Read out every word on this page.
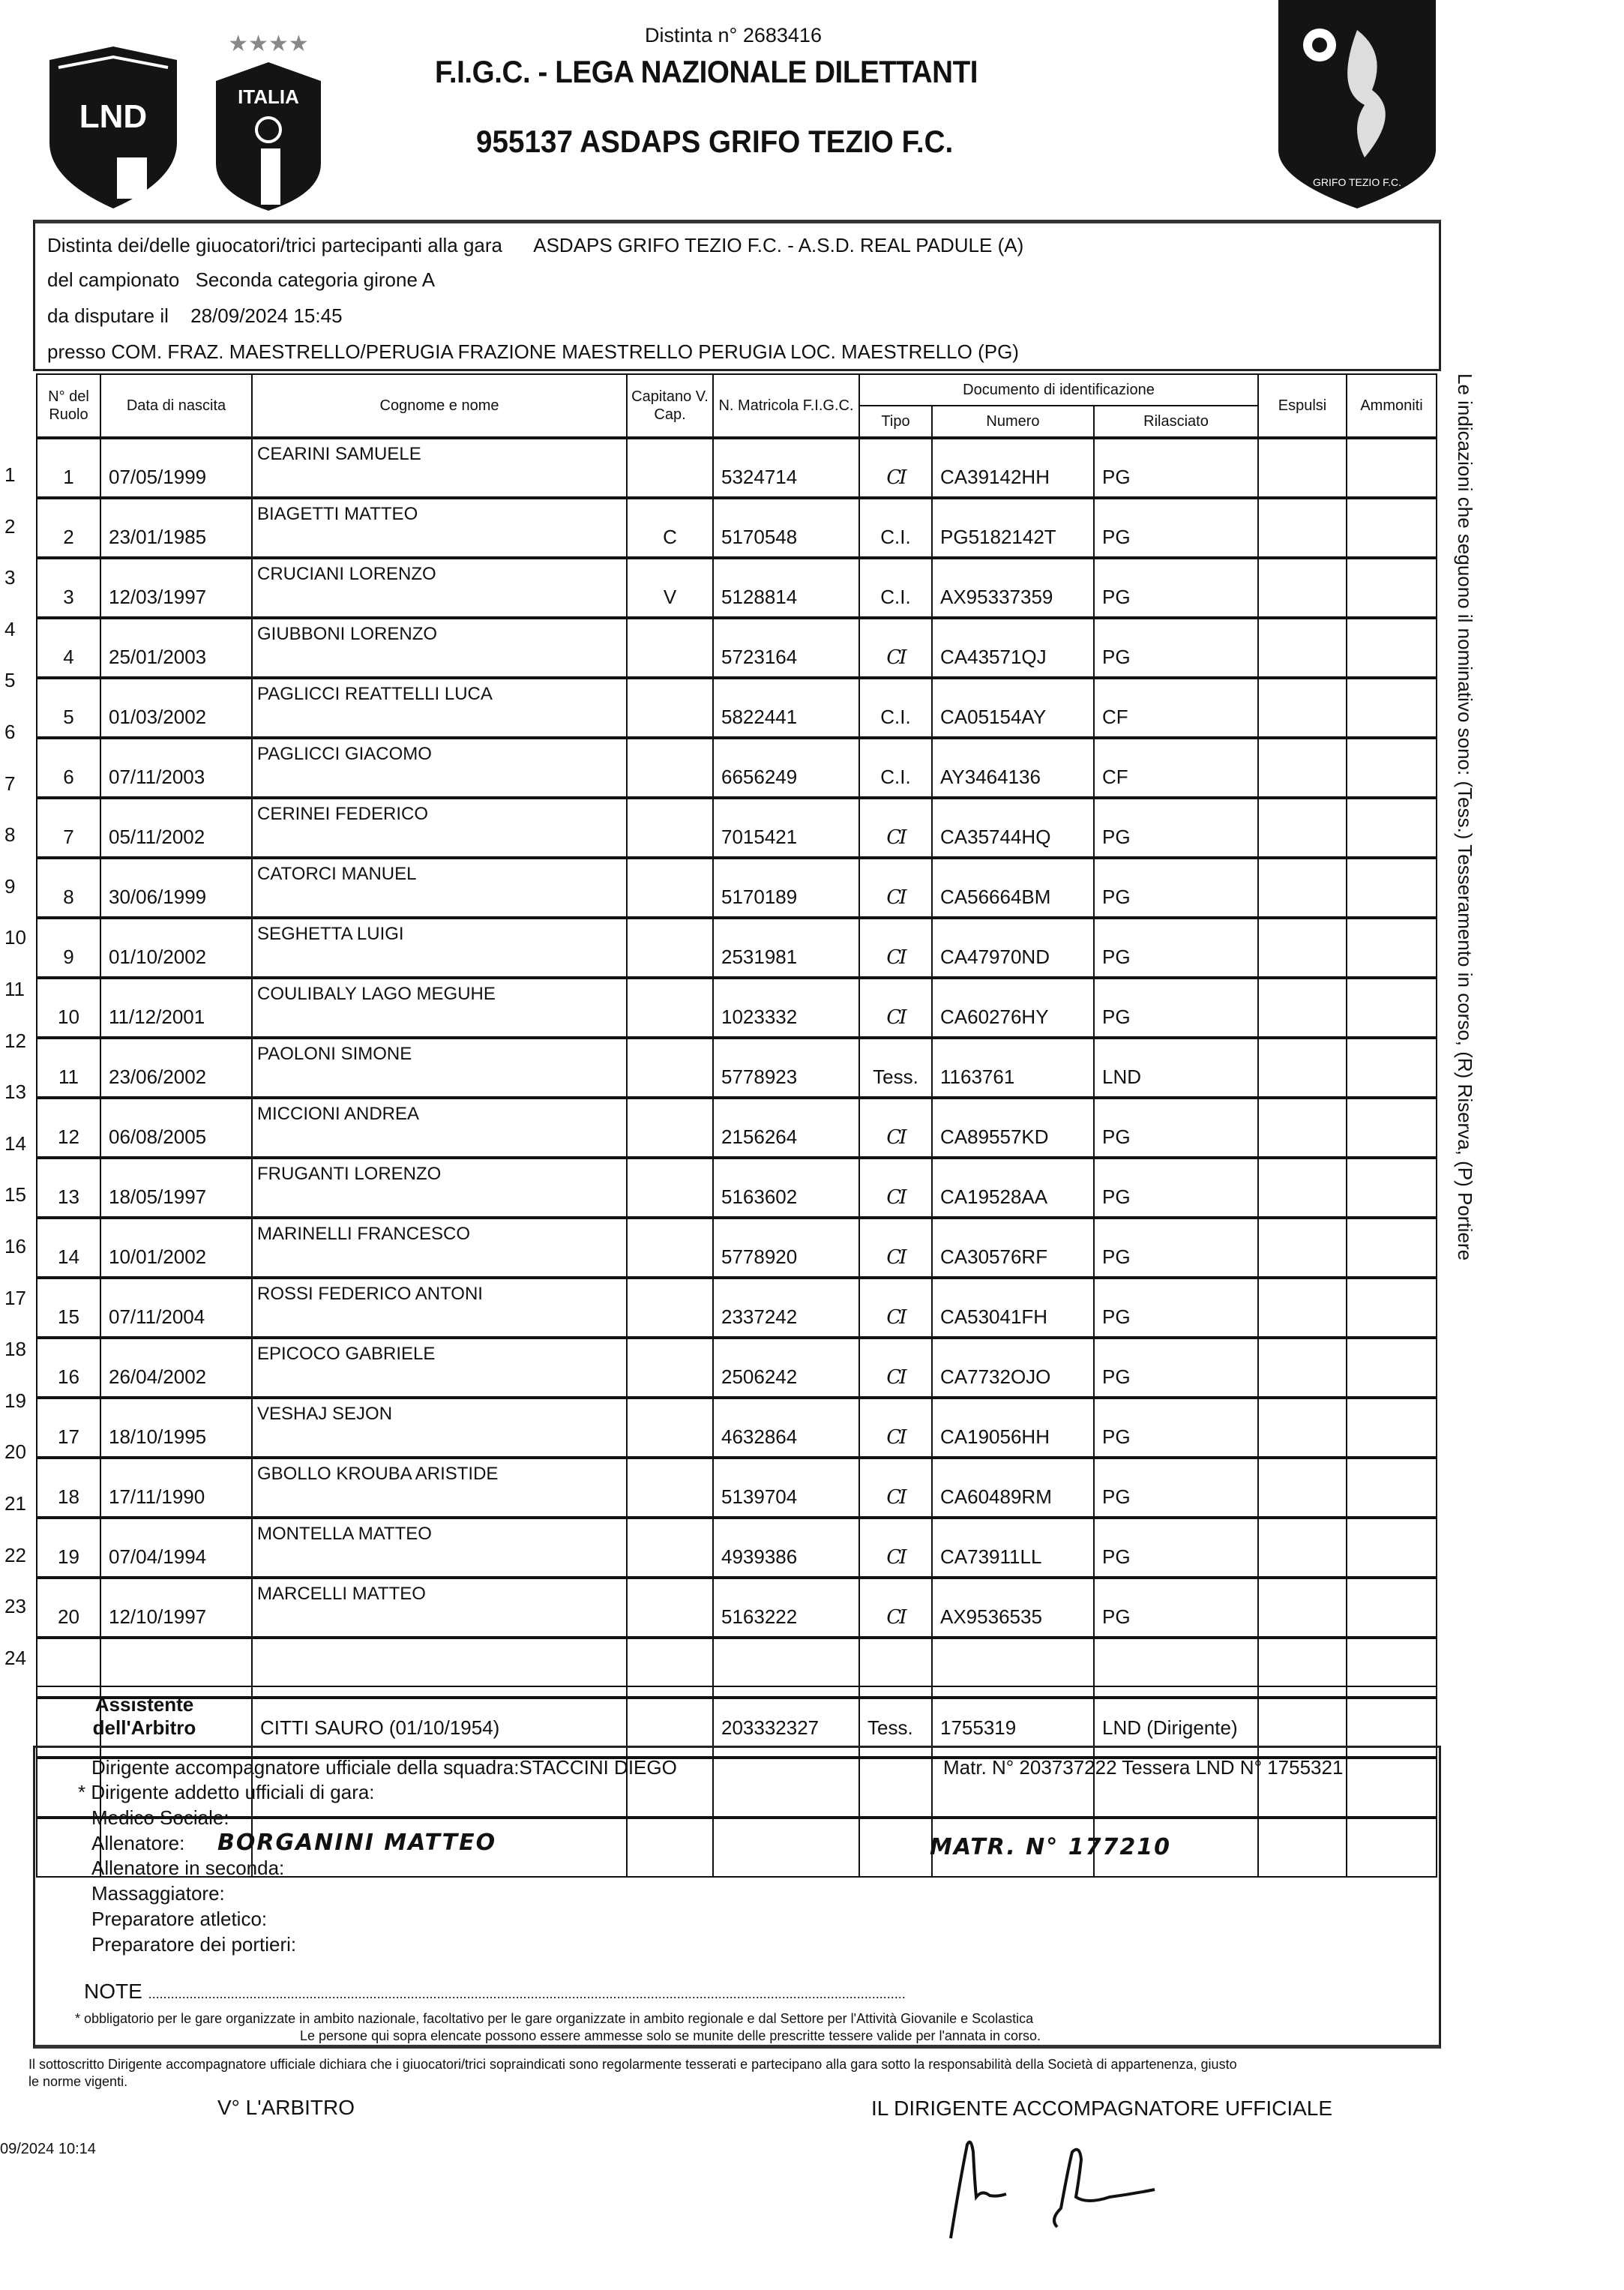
Distinta n° 2683416
F.I.G.C. - LEGA NAZIONALE DILETTANTI
955137 ASDAPS GRIFO TEZIO F.C.
LND
★★★★
ITALIA
GRIFO TEZIO F.C.
Distinta dei/delle giuocatori/trici partecipanti alla gara ASDAPS GRIFO TEZIO F.C. - A.S.D. REAL PADULE (A)
del campionato Seconda categoria girone A
da disputare il 28/09/2024 15:45
presso COM. FRAZ. MAESTRELLO/PERUGIA FRAZIONE MAESTRELLO PERUGIA LOC. MAESTRELLO (PG)
1
2
3
4
5
6
7
8
9
10
11
12
13
14
15
16
17
18
19
20
21
22
23
24
N° del Ruolo	Data di nascita	Cognome e nome	Capitano V. Cap.	N. Matricola F.I.G.C.	Documento di identificazione			Espulsi	Ammoniti
					Tipo	Numero	Rilasciato		
1	07/05/1999	CEARINI SAMUELE		5324714	CI	CA39142HH	PG		
2	23/01/1985	BIAGETTI MATTEO	C	5170548	C.I.	PG5182142T	PG		
3	12/03/1997	CRUCIANI LORENZO	V	5128814	C.I.	AX95337359	PG		
4	25/01/2003	GIUBBONI LORENZO		5723164	CI	CA43571QJ	PG		
5	01/03/2002	PAGLICCI REATTELLI LUCA		5822441	C.I.	CA05154AY	CF		
6	07/11/2003	PAGLICCI GIACOMO		6656249	C.I.	AY3464136	CF		
7	05/11/2002	CERINEI FEDERICO		7015421	CI	CA35744HQ	PG		
8	30/06/1999	CATORCI MANUEL		5170189	CI	CA56664BM	PG		
9	01/10/2002	SEGHETTA LUIGI		2531981	CI	CA47970ND	PG		
10	11/12/2001	COULIBALY LAGO MEGUHE		1023332	CI	CA60276HY	PG		
11	23/06/2002	PAOLONI SIMONE		5778923	Tess.	1163761	LND		
12	06/08/2005	MICCIONI ANDREA		2156264	CI	CA89557KD	PG		
13	18/05/1997	FRUGANTI LORENZO		5163602	CI	CA19528AA	PG		
14	10/01/2002	MARINELLI FRANCESCO		5778920	CI	CA30576RF	PG		
15	07/11/2004	ROSSI FEDERICO ANTONI		2337242	CI	CA53041FH	PG		
16	26/04/2002	EPICOCO GABRIELE		2506242	CI	CA7732OJO	PG		
17	18/10/1995	VESHAJ SEJON		4632864	CI	CA19056HH	PG		
18	17/11/1990	GBOLLO KROUBA ARISTIDE		5139704	CI	CA60489RM	PG		
19	07/04/1994	MONTELLA MATTEO		4939386	CI	CA73911LL	PG		
20	12/10/1997	MARCELLI MATTEO		5163222	CI	AX9536535	PG		

Le indicazioni che seguono il nominativo sono: (Tess.) Tesseramento in corso, (R) Riserva, (P) Portiere
Assistente
dell'Arbitro	CITTI SAURO (01/10/1954)	203332327	Tess.	1755319	LND (Dirigente)
Dirigente accompagnatore ufficiale della squadra:STACCINI DIEGO	Matr. N° 203737222 Tessera LND N° 1755321
* Dirigente addetto ufficiali di gara:
Medico Sociale:
Allenatore: BORGANINI MATTEO	MATR. N° 177210
Allenatore in seconda:
Massaggiatore:
Preparatore atletico:
Preparatore dei portieri:
NOTE ..........................................................................................................................................................................................................
* obbligatorio per le gare organizzate in ambito nazionale, facoltativo per le gare organizzate in ambito regionale e dal Settore per l'Attività Giovanile e Scolastica
Le persone qui sopra elencate possono essere ammesse solo se munite delle prescritte tessere valide per l'annata in corso.
Il sottoscritto Dirigente accompagnatore ufficiale dichiara che i giuocatori/trici sopraindicati sono regolarmente tesserati e partecipano alla gara sotto la responsabilità della Società di appartenenza, giusto
le norme vigenti.
V° L'ARBITRO	IL DIRIGENTE ACCOMPAGNATORE UFFICIALE
09/2024 10:14
